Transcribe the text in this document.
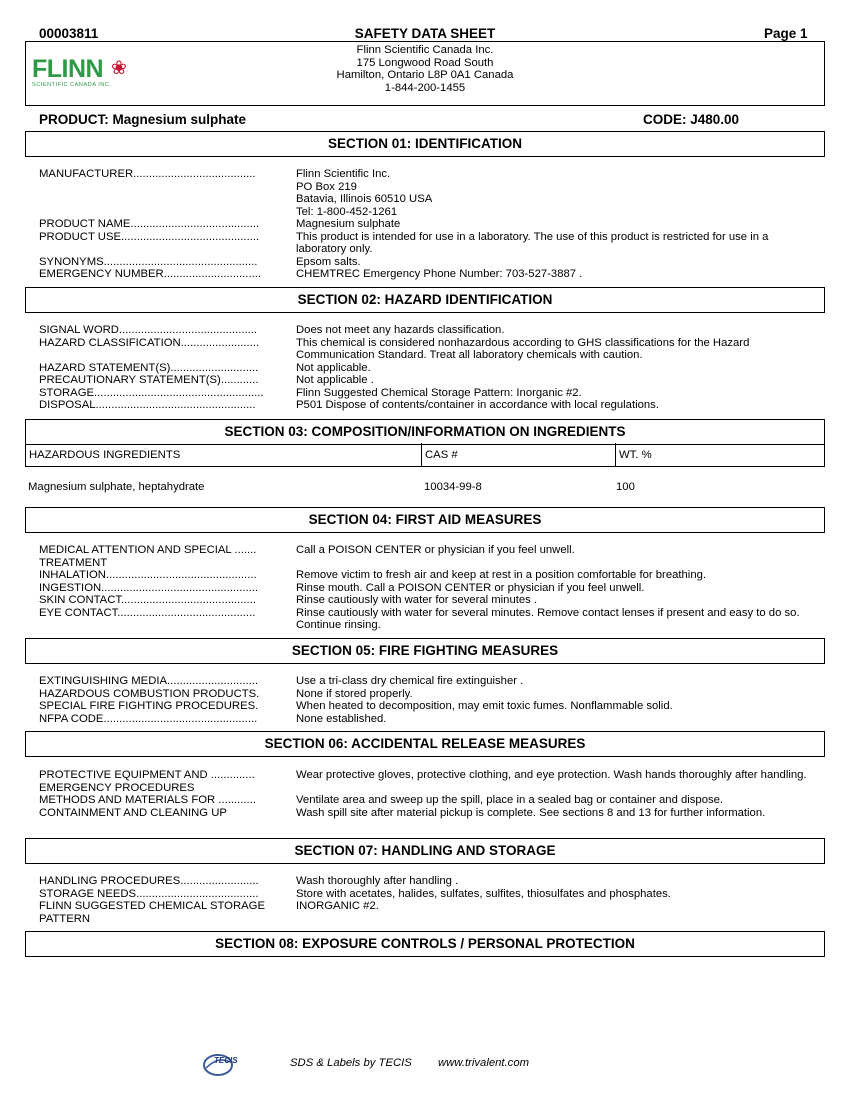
00003811	SAFETY DATA SHEET	Page 1
FLINN ❀
SCIENTIFIC CANADA INC.
Flinn Scientific Canada Inc.
175 Longwood Road South
Hamilton, Ontario L8P 0A1 Canada
1-844-200-1455
PRODUCT: Magnesium sulphate	CODE: J480.00
SECTION 01: IDENTIFICATION
MANUFACTURER.......................................	Flinn Scientific Inc.
PO Box 219
Batavia, Illinois 60510 USA
Tel: 1-800-452-1261
PRODUCT NAME.........................................	Magnesium sulphate
PRODUCT USE............................................	This product is intended for use in a laboratory. The use of this product is restricted for use in a laboratory only.
SYNONYMS.................................................	Epsom salts.
EMERGENCY NUMBER...............................	CHEMTREC Emergency Phone Number: 703-527-3887 .
SECTION 02: HAZARD IDENTIFICATION
SIGNAL WORD............................................	Does not meet any hazards classification.
HAZARD CLASSIFICATION.........................	This chemical is considered nonhazardous according to GHS classifications for the Hazard Communication Standard. Treat all laboratory chemicals with caution.
HAZARD STATEMENT(S)............................	Not applicable.
PRECAUTIONARY STATEMENT(S)............	Not applicable .
STORAGE......................................................	Flinn Suggested Chemical Storage Pattern: Inorganic #2.
DISPOSAL...................................................	P501 Dispose of contents/container in accordance with local regulations.
SECTION 03: COMPOSITION/INFORMATION ON INGREDIENTS
HAZARDOUS INGREDIENTS	CAS #	WT. %
Magnesium sulphate, heptahydrate	10034-99-8	100
SECTION 04: FIRST AID MEASURES
MEDICAL ATTENTION AND SPECIAL .......	Call a POISON CENTER or physician if you feel unwell.
TREATMENT
INHALATION................................................	Remove victim to fresh air and keep at rest in a position comfortable for breathing.
INGESTION..................................................	Rinse mouth. Call a POISON CENTER or physician if you feel unwell.
SKIN CONTACT...........................................	Rinse cautiously with water for several minutes .
EYE CONTACT............................................	Rinse cautiously with water for several minutes. Remove contact lenses if present and easy to do so. Continue rinsing.
SECTION 05: FIRE FIGHTING MEASURES
EXTINGUISHING MEDIA.............................	Use a tri-class dry chemical fire extinguisher .
HAZARDOUS COMBUSTION PRODUCTS.	None if stored properly.
SPECIAL FIRE FIGHTING PROCEDURES.	When heated to decomposition, may emit toxic fumes. Nonflammable solid.
NFPA CODE.................................................	None established.
SECTION 06: ACCIDENTAL RELEASE MEASURES
PROTECTIVE EQUIPMENT AND ..............	Wear protective gloves, protective clothing, and eye protection. Wash hands thoroughly after handling.
EMERGENCY PROCEDURES
METHODS AND MATERIALS FOR ............	Ventilate area and sweep up the spill, place in a sealed bag or container and dispose.
CONTAINMENT AND CLEANING UP	Wash spill site after material pickup is complete. See sections 8 and 13 for further information.
SECTION 07: HANDLING AND STORAGE
HANDLING PROCEDURES.........................	Wash thoroughly after handling .
STORAGE NEEDS.......................................	Store with acetates, halides, sulfates, sulfites, thiosulfates and phosphates.
FLINN SUGGESTED CHEMICAL STORAGE	INORGANIC #2.
PATTERN
SECTION 08: EXPOSURE CONTROLS / PERSONAL PROTECTION
TECIS	SDS & Labels by TECIS www.trivalent.com
